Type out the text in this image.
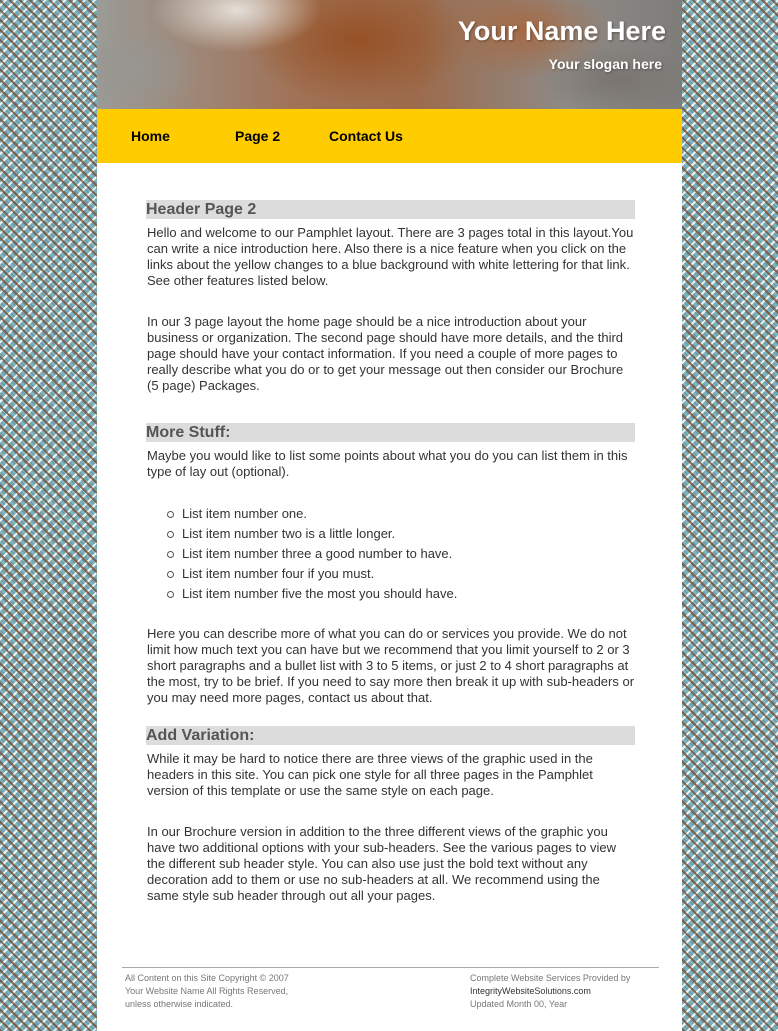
Your Name Here
Your slogan here
Home	Page 2	Contact Us
Header Page 2

Hello and welcome to our Pamphlet layout. There are 3 pages total in this layout.You can write a nice introduction here. Also there is a nice feature when you click on the links about the yellow changes to a blue background with white lettering for that link. See other features listed below.

In our 3 page layout the home page should be a nice introduction about your business or organization. The second page should have more details, and the third page should have your contact information. If you need a couple of more pages to really describe what you do or to get your message out then consider our Brochure (5 page) Packages.

More Stuff:

Maybe you would like to list some points about what you do you can list them in this type of lay out (optional).

List item number one.
List item number two is a little longer.
List item number three a good number to have.
List item number four if you must.
List item number five the most you should have.

Here you can describe more of what you can do or services you provide. We do not limit how much text you can have but we recommend that you limit yourself to 2 or 3 short paragraphs and a bullet list with 3 to 5 items, or just 2 to 4 short paragraphs at the most, try to be brief. If you need to say more then break it up with sub-headers or you may need more pages, contact us about that.

Add Variation:

While it may be hard to notice there are three views of the graphic used in the headers in this site. You can pick one style for all three pages in the Pamphlet version of this template or use the same style on each page.

In our Brochure version in addition to the three different views of the graphic you have two additional options with your sub-headers. See the various pages to view the different sub header style. You can also use just the bold text without any decoration add to them or use no sub-headers at all. We recommend using the same style sub header through out all your pages.

All Content on this Site Copyright © 2007
Your Website Name All Rights Reserved,
unless otherwise indicated.
Complete Website Services Provided by
IntegrityWebsiteSolutions.com
Updated Month 00, Year
